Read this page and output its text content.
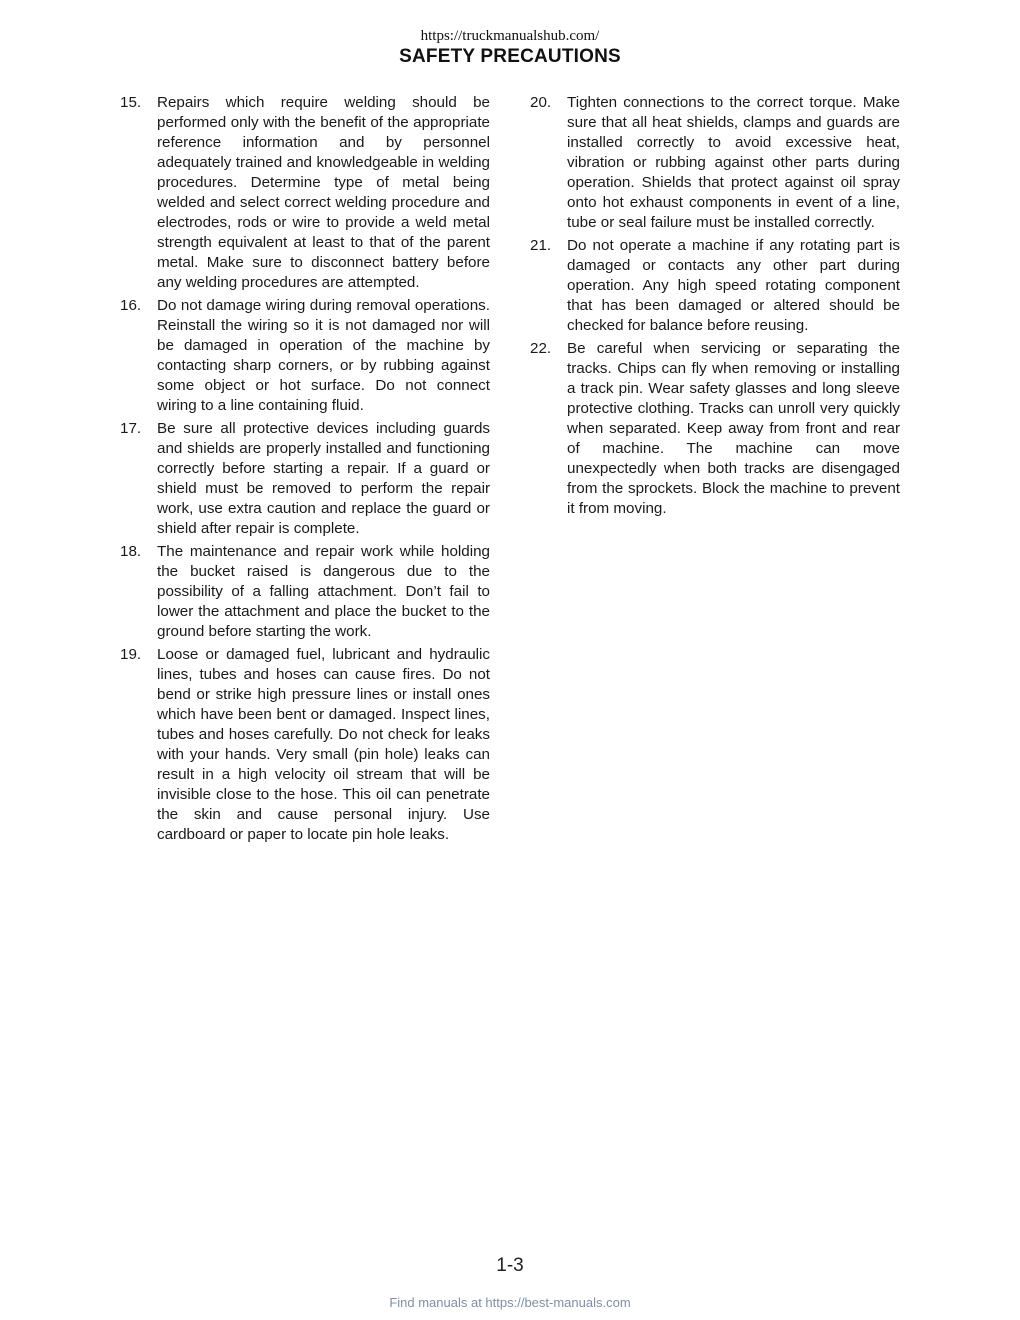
https://truckmanualshub.com/
SAFETY PRECAUTIONS
15.	Repairs which require welding should be performed only with the benefit of the appropriate reference information and by personnel adequately trained and knowledgeable in welding procedures. Determine type of metal being welded and select correct welding procedure and electrodes, rods or wire to provide a weld metal strength equivalent at least to that of the parent metal. Make sure to disconnect battery before any welding procedures are attempted.
16.	Do not damage wiring during removal operations. Reinstall the wiring so it is not damaged nor will be damaged in operation of the machine by contacting sharp corners, or by rubbing against some object or hot surface. Do not connect wiring to a line containing fluid.
17.	Be sure all protective devices including guards and shields are properly installed and functioning correctly before starting a repair. If a guard or shield must be removed to perform the repair work, use extra caution and replace the guard or shield after repair is complete.
18.	The maintenance and repair work while holding the bucket raised is dangerous due to the possibility of a falling attachment. Don’t fail to lower the attachment and place the bucket to the ground before starting the work.
19.	Loose or damaged fuel, lubricant and hydraulic lines, tubes and hoses can cause fires. Do not bend or strike high pressure lines or install ones which have been bent or damaged. Inspect lines, tubes and hoses carefully. Do not check for leaks with your hands. Very small (pin hole) leaks can result in a high velocity oil stream that will be invisible close to the hose. This oil can penetrate the skin and cause personal injury. Use cardboard or paper to locate pin hole leaks.
20.	Tighten connections to the correct torque. Make sure that all heat shields, clamps and guards are installed correctly to avoid excessive heat, vibration or rubbing against other parts during operation. Shields that protect against oil spray onto hot exhaust components in event of a line, tube or seal failure must be installed correctly.
21.	Do not operate a machine if any rotating part is damaged or contacts any other part during operation. Any high speed rotating component that has been damaged or altered should be checked for balance before reusing.
22.	Be careful when servicing or separating the tracks. Chips can fly when removing or installing a track pin. Wear safety glasses and long sleeve protective clothing. Tracks can unroll very quickly when separated. Keep away from front and rear of machine. The machine can move unexpectedly when both tracks are disengaged from the sprockets. Block the machine to prevent it from moving.
1-3
Find manuals at https://best-manuals.com
